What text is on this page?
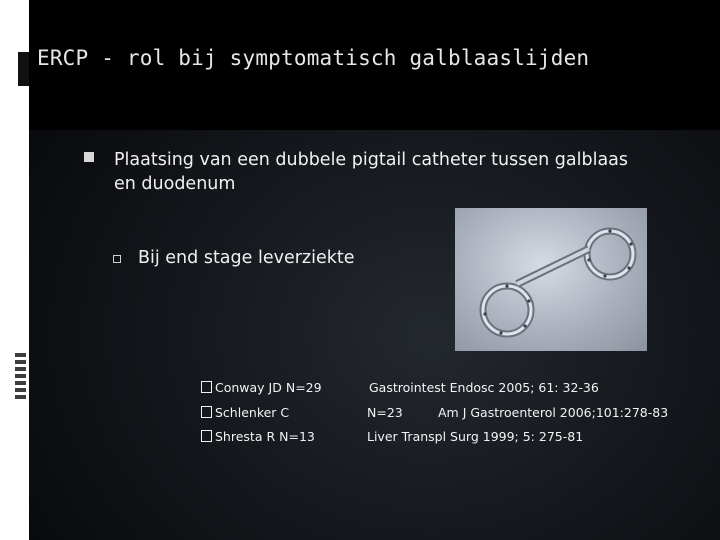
ERCP - rol bij symptomatisch galblaaslijden
Plaatsing van een dubbele pigtail catheter tussen galblaas en duodenum
Bij end stage leverziekte
Conway JD N=29	Gastrointest Endosc 2005; 61: 32-36
Schlenker C	N=23	Am J Gastroenterol 2006;101:278-83
Shresta R N=13	Liver Transpl Surg 1999; 5: 275-81
